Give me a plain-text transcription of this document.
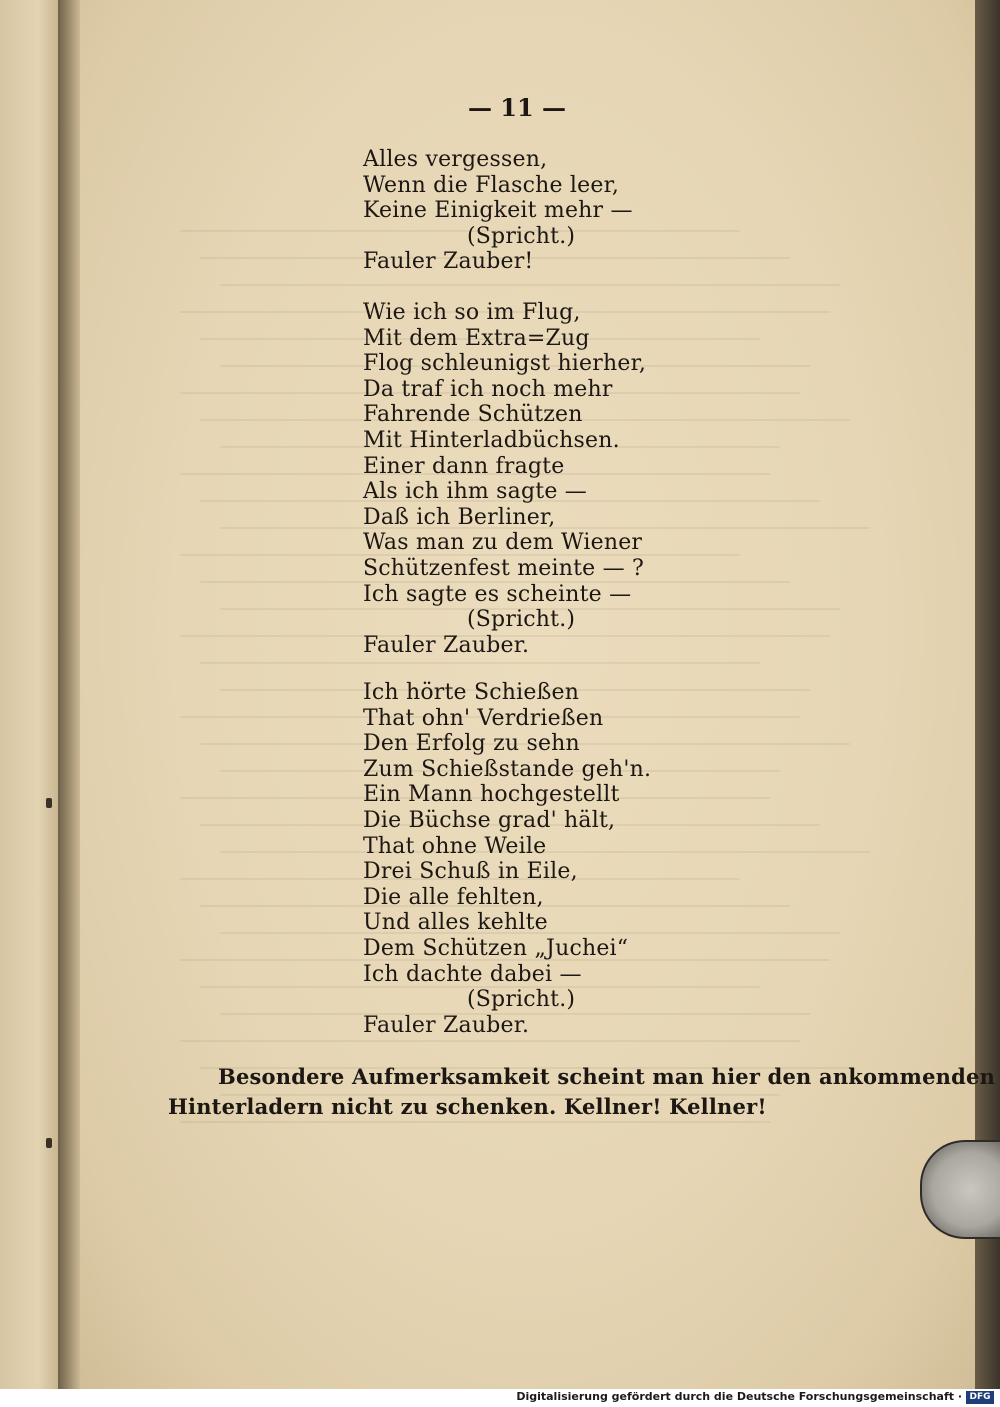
— 11 —
Alles vergessen,
Wenn die Flasche leer,
Keine Einigkeit mehr —
(Spricht.)
Fauler Zauber!
Wie ich so im Flug,
Mit dem Extra=Zug
Flog schleunigst hierher,
Da traf ich noch mehr
Fahrende Schützen
Mit Hinterladbüchsen.
Einer dann fragte
Als ich ihm sagte —
Daß ich Berliner,
Was man zu dem Wiener
Schützenfest meinte — ?
Ich sagte es scheinte —
(Spricht.)
Fauler Zauber.
Ich hörte Schießen
That ohn' Verdrießen
Den Erfolg zu sehn
Zum Schießstande geh'n.
Ein Mann hochgestellt
Die Büchse grad' hält,
That ohne Weile
Drei Schuß in Eile,
Die alle fehlten,
Und alles kehlte
Dem Schützen „Juchei“
Ich dachte dabei —
(Spricht.)
Fauler Zauber.
Besondere Aufmerksamkeit scheint man hier den ankommenden
Hinterladern nicht zu schenken. Kellner! Kellner!
Digitalisierung gefördert durch die Deutsche Forschungsgemeinschaft · DFG
